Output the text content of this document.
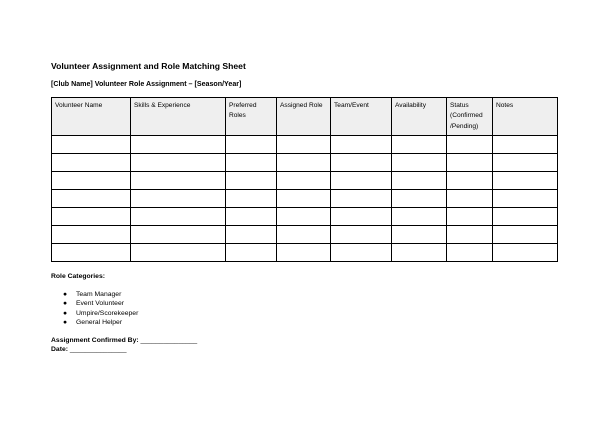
Volunteer Assignment and Role Matching Sheet
[Club Name] Volunteer Role Assignment – [Season/Year]
Volunteer Name	Skills & Experience	Preferred Roles	Assigned Role	Team/Event	Availability	Status (Confirmed /Pending)	Notes

Role Categories:
● Team Manager
● Event Volunteer
● Umpire/Scorekeeper
● General Helper
Assignment Confirmed By: _______________
Date: _______________
